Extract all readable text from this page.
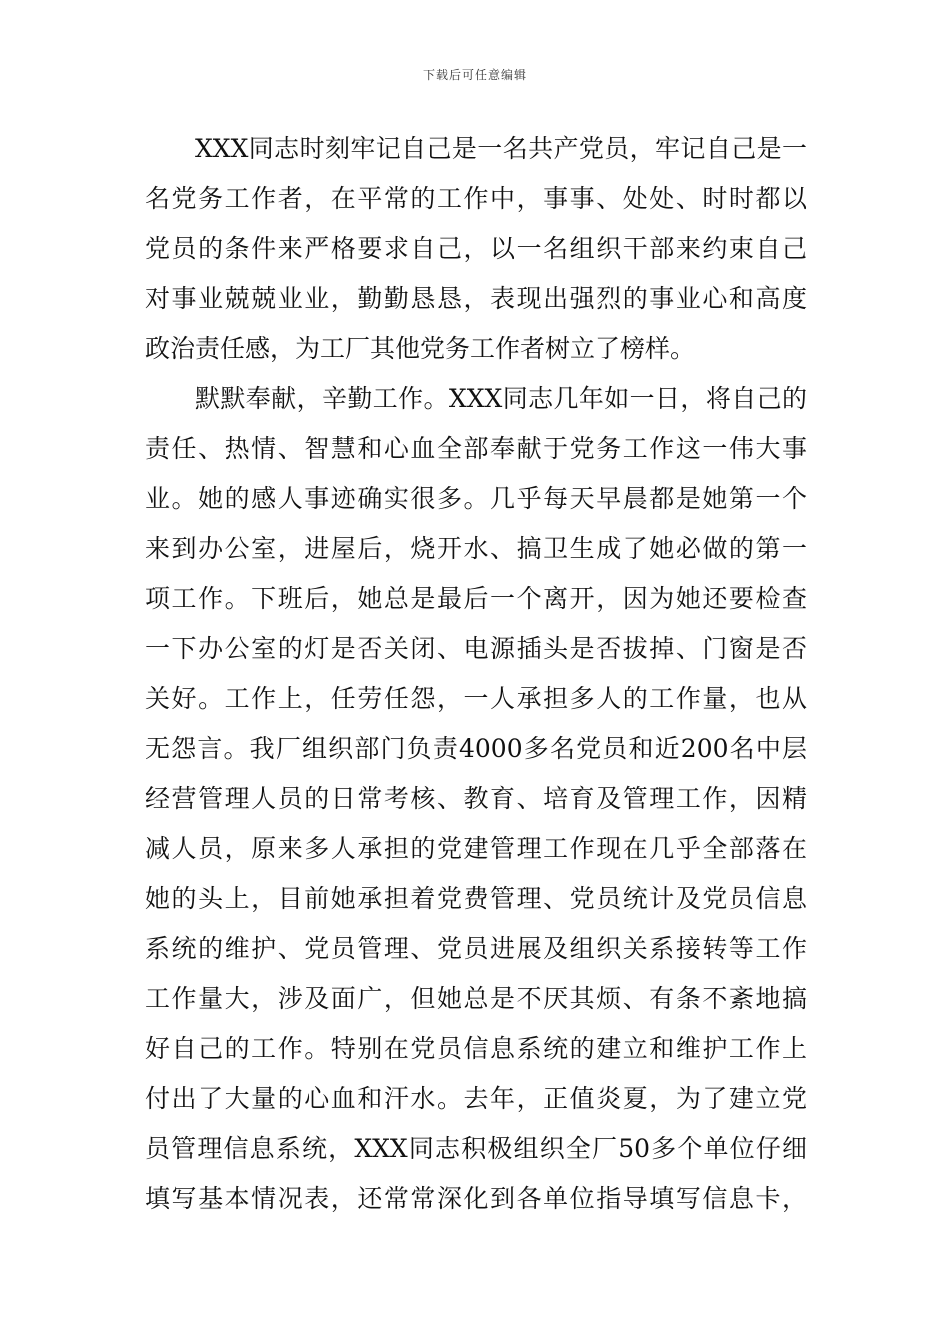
下载后可任意编辑
XXX同志时刻牢记自己是一名共产党员，牢记自己是一
名党务工作者，在平常的工作中，事事、处处、时时都以
党员的条件来严格要求自己，以一名组织干部来约束自己
对事业兢兢业业，勤勤恳恳，表现出强烈的事业心和高度
政治责任感，为工厂其他党务工作者树立了榜样。
默默奉献，辛勤工作。XXX同志几年如一日，将自己的
责任、热情、智慧和心血全部奉献于党务工作这一伟大事
业。她的感人事迹确实很多。几乎每天早晨都是她第一个
来到办公室，进屋后，烧开水、搞卫生成了她必做的第一
项工作。下班后，她总是最后一个离开，因为她还要检查
一下办公室的灯是否关闭、电源插头是否拔掉、门窗是否
关好。工作上，任劳任怨，一人承担多人的工作量，也从
无怨言。我厂组织部门负责4000多名党员和近200名中层
经营管理人员的日常考核、教育、培育及管理工作，因精
减人员，原来多人承担的党建管理工作现在几乎全部落在
她的头上，目前她承担着党费管理、党员统计及党员信息
系统的维护、党员管理、党员进展及组织关系接转等工作
工作量大，涉及面广，但她总是不厌其烦、有条不紊地搞
好自己的工作。特别在党员信息系统的建立和维护工作上
付出了大量的心血和汗水。去年，正值炎夏，为了建立党
员管理信息系统，XXX同志积极组织全厂50多个单位仔细
填写基本情况表，还常常深化到各单位指导填写信息卡，
